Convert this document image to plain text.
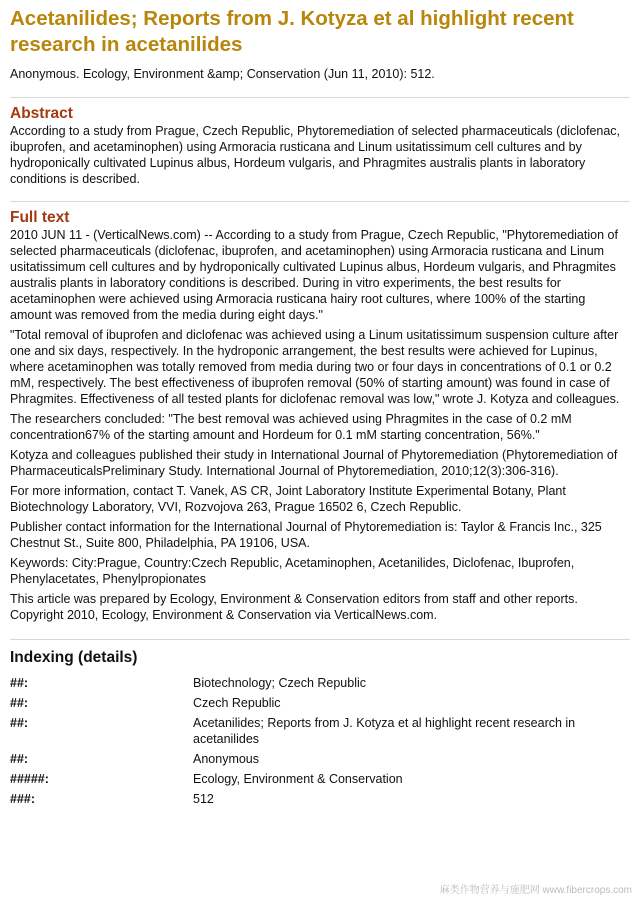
Acetanilides; Reports from J. Kotyza et al highlight recent research in acetanilides

Anonymous. Ecology, Environment &amp; Conservation (Jun 11, 2010): 512.

Abstract

According to a study from Prague, Czech Republic, Phytoremediation of selected pharmaceuticals (diclofenac, ibuprofen, and acetaminophen) using Armoracia rusticana and Linum usitatissimum cell cultures and by hydroponically cultivated Lupinus albus, Hordeum vulgaris, and Phragmites australis plants in laboratory conditions is described.

Full text

2010 JUN 11 - (VerticalNews.com) -- According to a study from Prague, Czech Republic, "Phytoremediation of selected pharmaceuticals (diclofenac, ibuprofen, and acetaminophen) using Armoracia rusticana and Linum usitatissimum cell cultures and by hydroponically cultivated Lupinus albus, Hordeum vulgaris, and Phragmites australis plants in laboratory conditions is described. During in vitro experiments, the best results for acetaminophen were achieved using Armoracia rusticana hairy root cultures, where 100% of the starting amount was removed from the media during eight days."

"Total removal of ibuprofen and diclofenac was achieved using a Linum usitatissimum suspension culture after one and six days, respectively. In the hydroponic arrangement, the best results were achieved for Lupinus, where acetaminophen was totally removed from media during two or four days in concentrations of 0.1 or 0.2 mM, respectively. The best effectiveness of ibuprofen removal (50% of starting amount) was found in case of Phragmites. Effectiveness of all tested plants for diclofenac removal was low," wrote J. Kotyza and colleagues.

The researchers concluded: "The best removal was achieved using Phragmites in the case of 0.2 mM concentration67% of the starting amount and Hordeum for 0.1 mM starting concentration, 56%."

Kotyza and colleagues published their study in International Journal of Phytoremediation (Phytoremediation of PharmaceuticalsPreliminary Study. International Journal of Phytoremediation, 2010;12(3):306-316).

For more information, contact T. Vanek, AS CR, Joint Laboratory Institute Experimental Botany, Plant Biotechnology Laboratory, VVI, Rozvojova 263, Prague 16502 6, Czech Republic.

Publisher contact information for the International Journal of Phytoremediation is: Taylor & Francis Inc., 325 Chestnut St., Suite 800, Philadelphia, PA 19106, USA.

Keywords: City:Prague, Country:Czech Republic, Acetaminophen, Acetanilides, Diclofenac, Ibuprofen, Phenylacetates, Phenylpropionates

This article was prepared by Ecology, Environment & Conservation editors from staff and other reports. Copyright 2010, Ecology, Environment & Conservation via VerticalNews.com.

Indexing (details)
##:	Biotechnology; Czech Republic
##:	Czech Republic
##:	Acetanilides; Reports from J. Kotyza et al highlight recent research in acetanilides
##:	Anonymous
#####:	Ecology, Environment & Conservation
###:	512
麻类作物营养与施肥网 www.fibercrops.com
